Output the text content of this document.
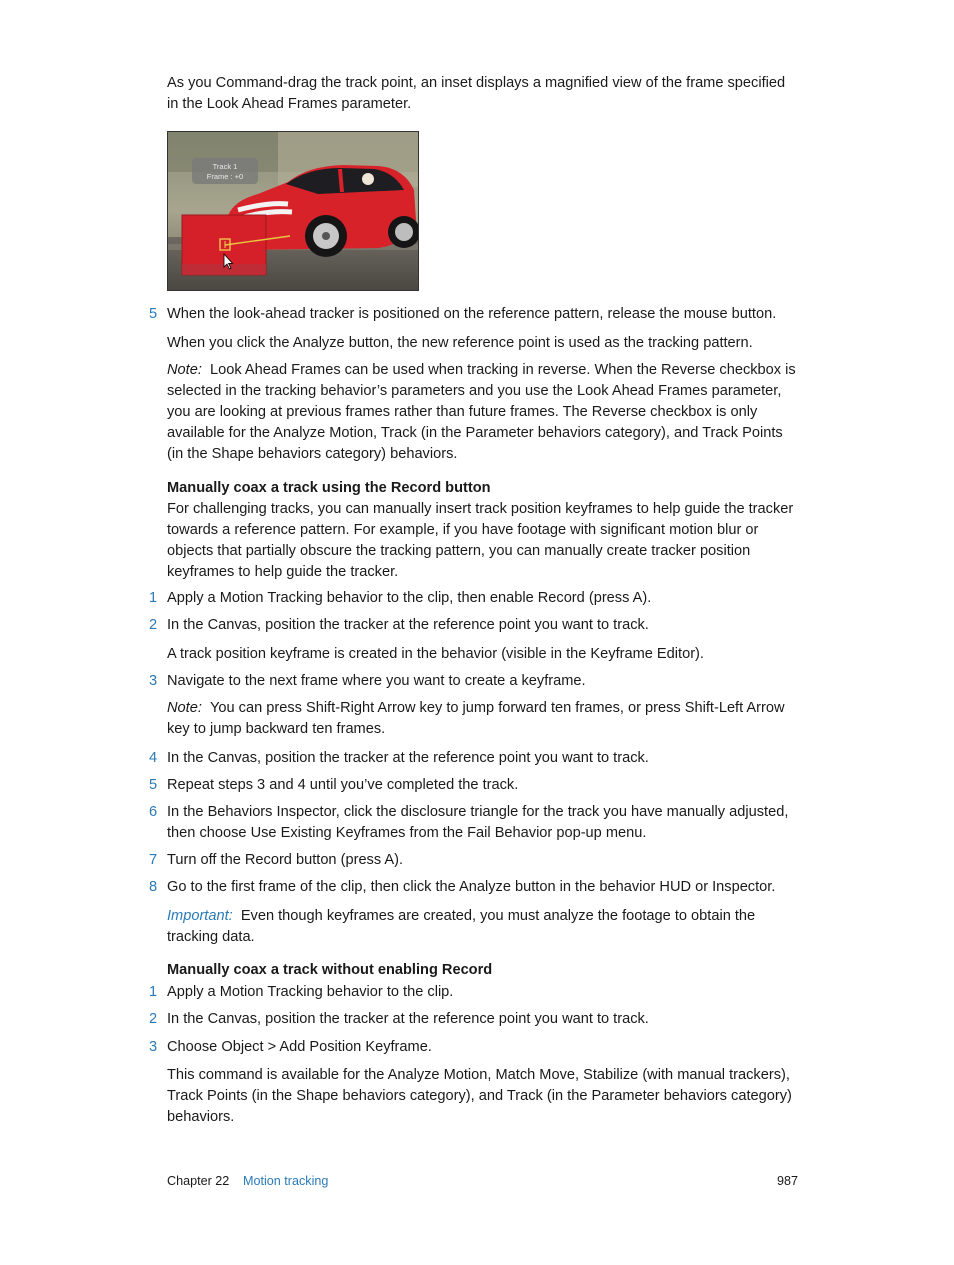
As you Command-drag the track point, an inset displays a magnified view of the frame specified in the Look Ahead Frames parameter.

Track 1
Frame : +0
5 When the look-ahead tracker is positioned on the reference pattern, release the mouse button.

When you click the Analyze button, the new reference point is used as the tracking pattern.

Note: Look Ahead Frames can be used when tracking in reverse. When the Reverse checkbox is selected in the tracking behavior’s parameters and you use the Look Ahead Frames parameter, you are looking at previous frames rather than future frames. The Reverse checkbox is only available for the Analyze Motion, Track (in the Parameter behaviors category), and Track Points (in the Shape behaviors category) behaviors.

Manually coax a track using the Record button

For challenging tracks, you can manually insert track position keyframes to help guide the tracker towards a reference pattern. For example, if you have footage with significant motion blur or objects that partially obscure the tracking pattern, you can manually create tracker position keyframes to help guide the tracker.

1 Apply a Motion Tracking behavior to the clip, then enable Record (press A).
2 In the Canvas, position the tracker at the reference point you want to track.

A track position keyframe is created in the behavior (visible in the Keyframe Editor).

3 Navigate to the next frame where you want to create a keyframe.

Note: You can press Shift-Right Arrow key to jump forward ten frames, or press Shift-Left Arrow key to jump backward ten frames.

4 In the Canvas, position the tracker at the reference point you want to track.
5 Repeat steps 3 and 4 until you’ve completed the track.
6 In the Behaviors Inspector, click the disclosure triangle for the track you have manually adjusted, then choose Use Existing Keyframes from the Fail Behavior pop-up menu.
7 Turn off the Record button (press A).
8 Go to the first frame of the clip, then click the Analyze button in the behavior HUD or Inspector.

Important: Even though keyframes are created, you must analyze the footage to obtain the tracking data.

Manually coax a track without enabling Record

1 Apply a Motion Tracking behavior to the clip.
2 In the Canvas, position the tracker at the reference point you want to track.
3 Choose Object > Add Position Keyframe.

This command is available for the Analyze Motion, Match Move, Stabilize (with manual trackers), Track Points (in the Shape behaviors category), and Track (in the Parameter behaviors category) behaviors.

Chapter 22 Motion tracking	987
